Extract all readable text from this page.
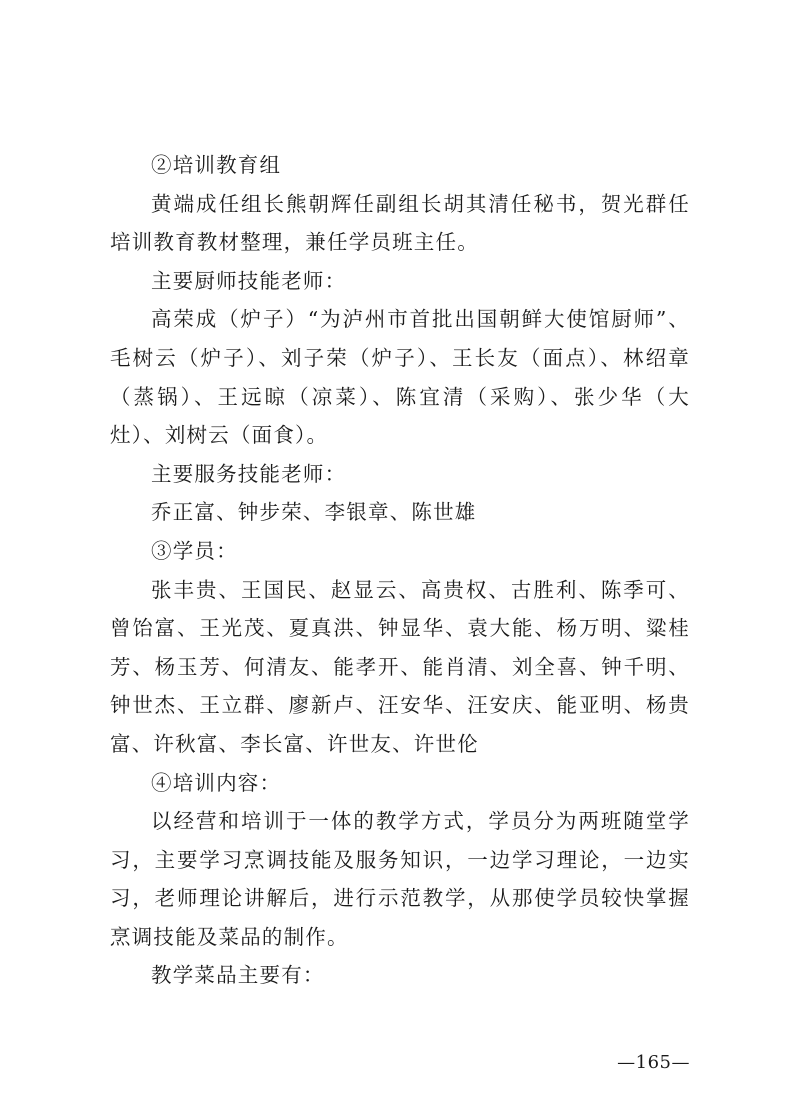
②培训教育组

黄端成任组长熊朝辉任副组长胡其清任秘书，贺光群任培训教育教材整理，兼任学员班主任。

主要厨师技能老师：

高荣成（炉子）“为泸州市首批出国朝鲜大使馆厨师”、毛树云（炉子）、刘子荣（炉子）、王长友（面点）、林绍章（蒸锅）、王远晾（凉菜）、陈宜清（采购）、张少华（大灶）、刘树云（面食）。

主要服务技能老师：

乔正富、钟步荣、李银章、陈世雄

③学员：

张丰贵、王国民、赵显云、高贵权、古胜利、陈季可、曾饴富、王光茂、夏真洪、钟显华、袁大能、杨万明、粱桂芳、杨玉芳、何清友、能孝开、能肖清、刘全喜、钟千明、钟世杰、王立群、廖新卢、汪安华、汪安庆、能亚明、杨贵富、许秋富、李长富、许世友、许世伦

④培训内容：

以经营和培训于一体的教学方式，学员分为两班随堂学习，主要学习烹调技能及服务知识，一边学习理论，一边实习，老师理论讲解后，进行示范教学，从那使学员较快掌握烹调技能及菜品的制作。

教学菜品主要有：

—165—
